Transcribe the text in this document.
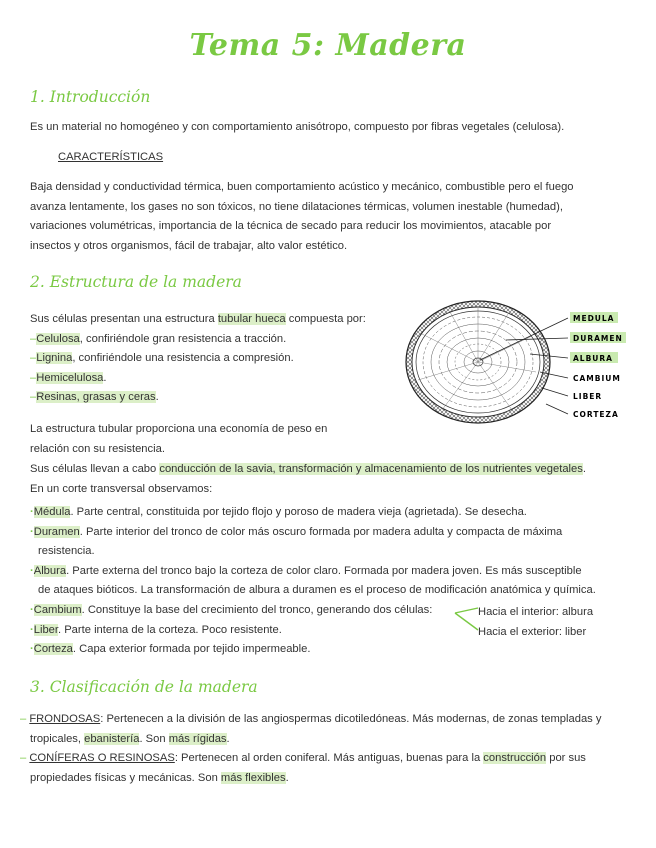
Tema 5: Madera
1. Introducción
Es un material no homogéneo y con comportamiento anisótropo, compuesto por fibras vegetales (celulosa).
CARACTERÍSTICAS
Baja densidad y conductividad térmica, buen comportamiento acústico y mecánico, combustible pero el fuego
avanza lentamente, los gases no son tóxicos, no tiene dilataciones térmicas, volumen inestable (humedad),
variaciones volumétricas, importancia de la técnica de secado para reducir los movimientos, atacable por
insectos y otros organismos, fácil de trabajar, alto valor estético.
2. Estructura de la madera
Sus células presentan una estructura tubular hueca compuesta por:
–Celulosa, confiriéndole gran resistencia a tracción.
–Lignina, confiriéndole una resistencia a compresión.
–Hemicelulosa.
–Resinas, grasas y ceras.
La estructura tubular proporciona una economía de peso en
relación con su resistencia.
Sus células llevan a cabo conducción de la savia, transformación y almacenamiento de los nutrientes vegetales.
En un corte transversal observamos:
·Médula. Parte central, constituida por tejido flojo y poroso de madera vieja (agrietada). Se desecha.
·Duramen. Parte interior del tronco de color más oscuro formada por madera adulta y compacta de máxima
resistencia.
·Albura. Parte externa del tronco bajo la corteza de color claro. Formada por madera joven. Es más susceptible
de ataques bióticos. La transformación de albura a duramen es el proceso de modificación anatómica y química.
·Cambium. Constituye la base del crecimiento del tronco, generando dos células:
·Liber. Parte interna de la corteza. Poco resistente.
·Corteza. Capa exterior formada por tejido impermeable.
Hacia el interior: albura
Hacia el exterior: liber
MEDULA
DURAMEN
ALBURA
CAMBIUM
LIBER
CORTEZA
3. Clasificación de la madera
– FRONDOSAS: Pertenecen a la división de las angiospermas dicotiledóneas. Más modernas, de zonas templadas y
tropicales, ebanistería. Son más rígidas.
– CONÍFERAS O RESINOSAS: Pertenecen al orden coniferal. Más antiguas, buenas para la construcción por sus
propiedades físicas y mecánicas. Son más flexibles.
